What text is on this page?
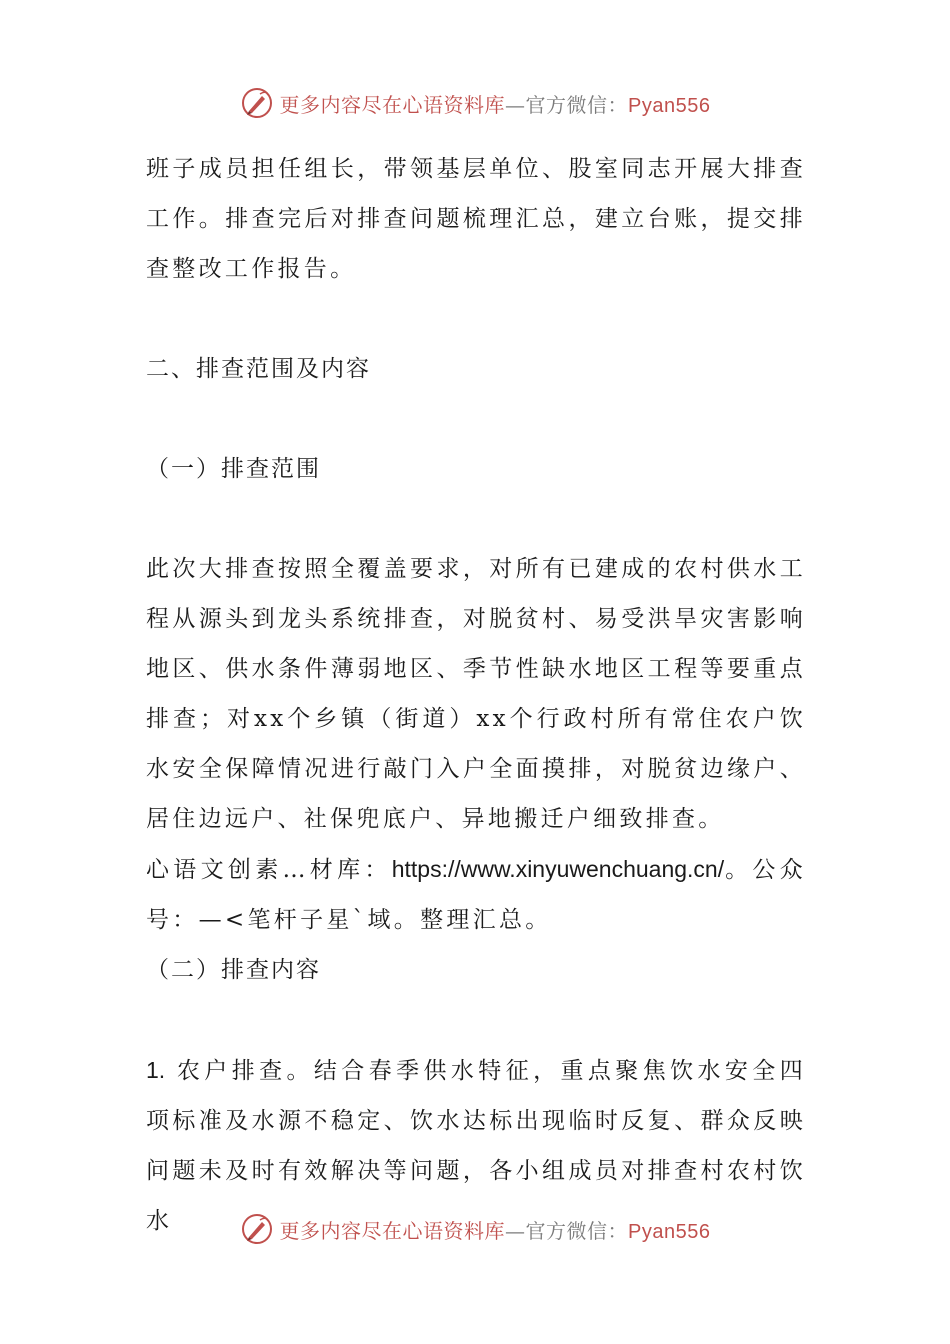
更多内容尽在心语资料库—官方微信：Pyan556

班子成员担任组长，带领基层单位、股室同志开展大排查工作。排查完后对排查问题梳理汇总，建立台账，提交排查整改工作报告。

二、排查范围及内容

（一）排查范围

此次大排查按照全覆盖要求，对所有已建成的农村供水工程从源头到龙头系统排查，对脱贫村、易受洪旱灾害影响地区、供水条件薄弱地区、季节性缺水地区工程等要重点排查；对xx个乡镇（街道）xx个行政村所有常住农户饮水安全保障情况进行敲门入户全面摸排，对脱贫边缘户、居住边远户、社保兜底户、异地搬迁户细致排查。

心语文创素…材库：https://www.xinyuwenchuang.cn/。公众号：—<笔杆子星`域。整理汇总。

（二）排查内容

1. 农户排查。结合春季供水特征，重点聚焦饮水安全四项标准及水源不稳定、饮水达标出现临时反复、群众反映问题未及时有效解决等问题，各小组成员对排查村农村饮水	更多内容尽在心语资料库—官方微信：Pyan556
